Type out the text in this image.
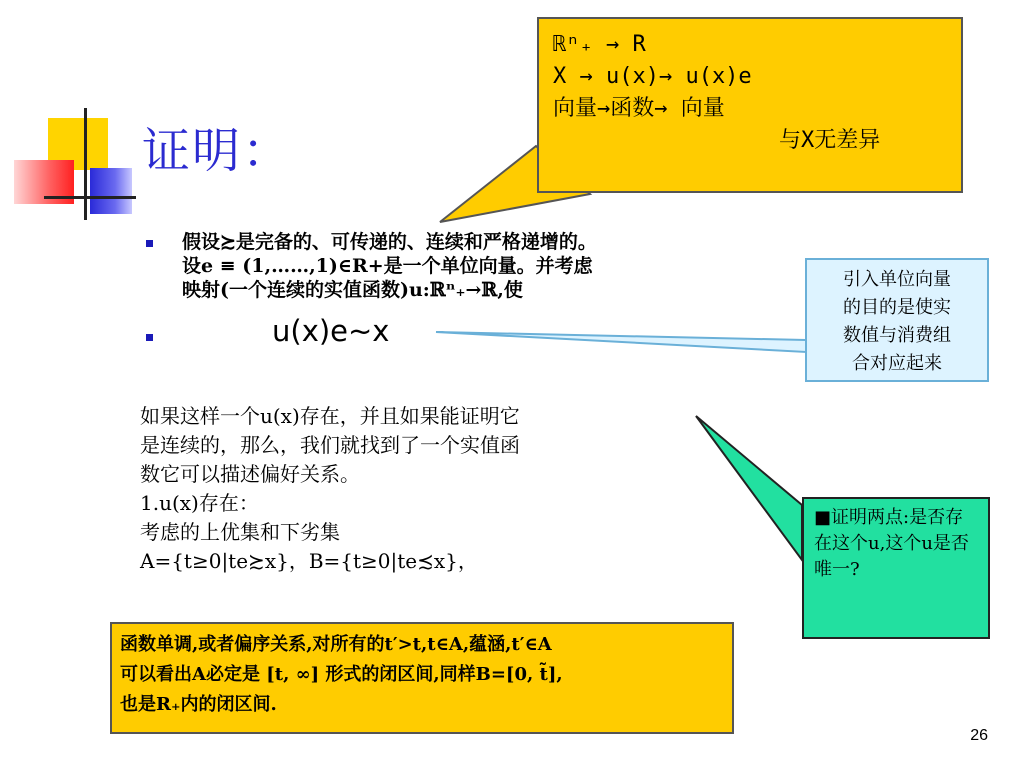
证明：
ℝⁿ₊ → R
X → u(x)→ u(x)e
向量→函数→ 向量
与X无差异
假设≿是完备的、可传递的、连续和严格递增的。
设e ≡ (1,……,1)∈R+是一个单位向量。并考虑
映射(一个连续的实值函数)u:ℝⁿ₊→ℝ,使
u(x)e~x
引入单位向量
的目的是使实
数值与消费组
合对应起来
如果这样一个u(x)存在，并且如果能证明它
是连续的，那么，我们就找到了一个实值函
数它可以描述偏好关系。
1.u(x)存在：
考虑的上优集和下劣集
A={t≥0|te≿x}，B={t≥0|te≾x}，
■证明两点:是否存在这个u,这个u是否唯一?
函数单调,或者偏序关系,对所有的t′>t,t∈A,蕴涵,t′∈A
可以看出A必定是 [t, ∞] 形式的闭区间,同样B=[0, t̃],
也是R₊内的闭区间.
26
